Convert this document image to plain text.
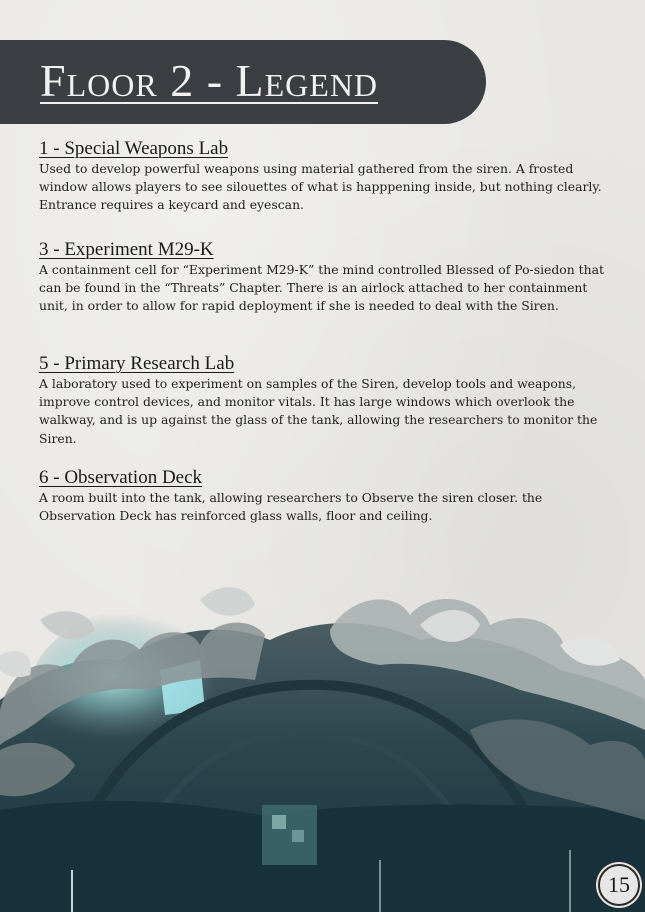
Floor 2 - Legend
1 - Special Weapons Lab
Used to develop powerful weapons using material gathered from the siren. A frosted window allows players to see silouettes of what is happpening inside, but nothing clearly. Entrance requires a keycard and eyescan.
3 - Experiment M29-K
A containment cell for “Experiment M29-K” the mind controlled Blessed of Po-siedon that can be found in the “Threats” Chapter. There is an airlock attached to her containment unit, in order to allow for rapid deployment if she is needed to deal with the Siren.
5 - Primary Research Lab
A laboratory used to experiment on samples of the Siren, develop tools and weapons, improve control devices, and monitor vitals. It has large windows which overlook the walkway, and is up against the glass of the tank, allowing the researchers to monitor the Siren.
6 - Observation Deck
A room built into the tank, allowing researchers to Observe the siren closer. the Observation Deck has reinforced glass walls, floor and ceiling.
15
